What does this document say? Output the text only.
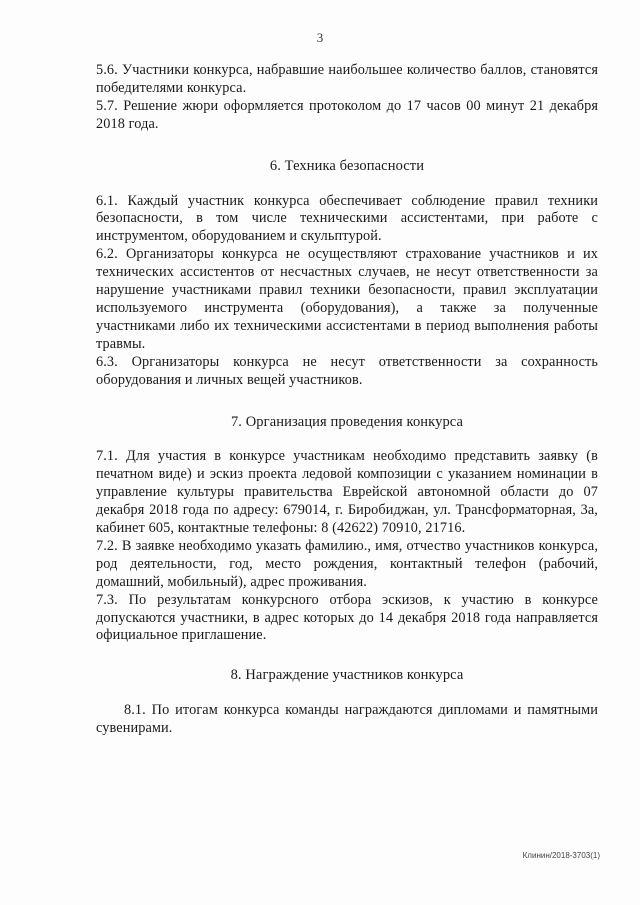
3

5.6. Участники конкурса, набравшие наибольшее количество баллов, становятся победителями конкурса.

5.7. Решение жюри оформляется протоколом до 17 часов 00 минут 21 декабря 2018 года.

6. Техника безопасности

6.1. Каждый участник конкурса обеспечивает соблюдение правил техники безопасности, в том числе техническими ассистентами, при работе с инструментом, оборудованием и скульптурой.

6.2. Организаторы конкурса не осуществляют страхование участников и их технических ассистентов от несчастных случаев, не несут ответственности за нарушение участниками правил техники безопасности, правил эксплуатации используемого инструмента (оборудования), а также за полученные участниками либо их техническими ассистентами в период выполнения работы травмы.

6.3. Организаторы конкурса не несут ответственности за сохранность оборудования и личных вещей участников.

7. Организация проведения конкурса

7.1. Для участия в конкурсе участникам необходимо представить заявку (в печатном виде) и эскиз проекта ледовой композиции с указанием номинации в управление культуры правительства Еврейской автономной области до 07 декабря 2018 года по адресу: 679014, г. Биробиджан, ул. Трансформаторная, 3а, кабинет 605, контактные телефоны: 8 (42622) 70910, 21716.

7.2. В заявке необходимо указать фамилию., имя, отчество участников конкурса, род деятельности, год, место рождения, контактный телефон (рабочий, домашний, мобильный), адрес проживания.

7.3. По результатам конкурсного отбора эскизов, к участию в конкурсе допускаются участники, в адрес которых до 14 декабря 2018 года направляется официальное приглашение.

8. Награждение участников конкурса

8.1. По итогам конкурса команды награждаются дипломами и памятными сувенирами.

Клинин/2018-3703(1)
